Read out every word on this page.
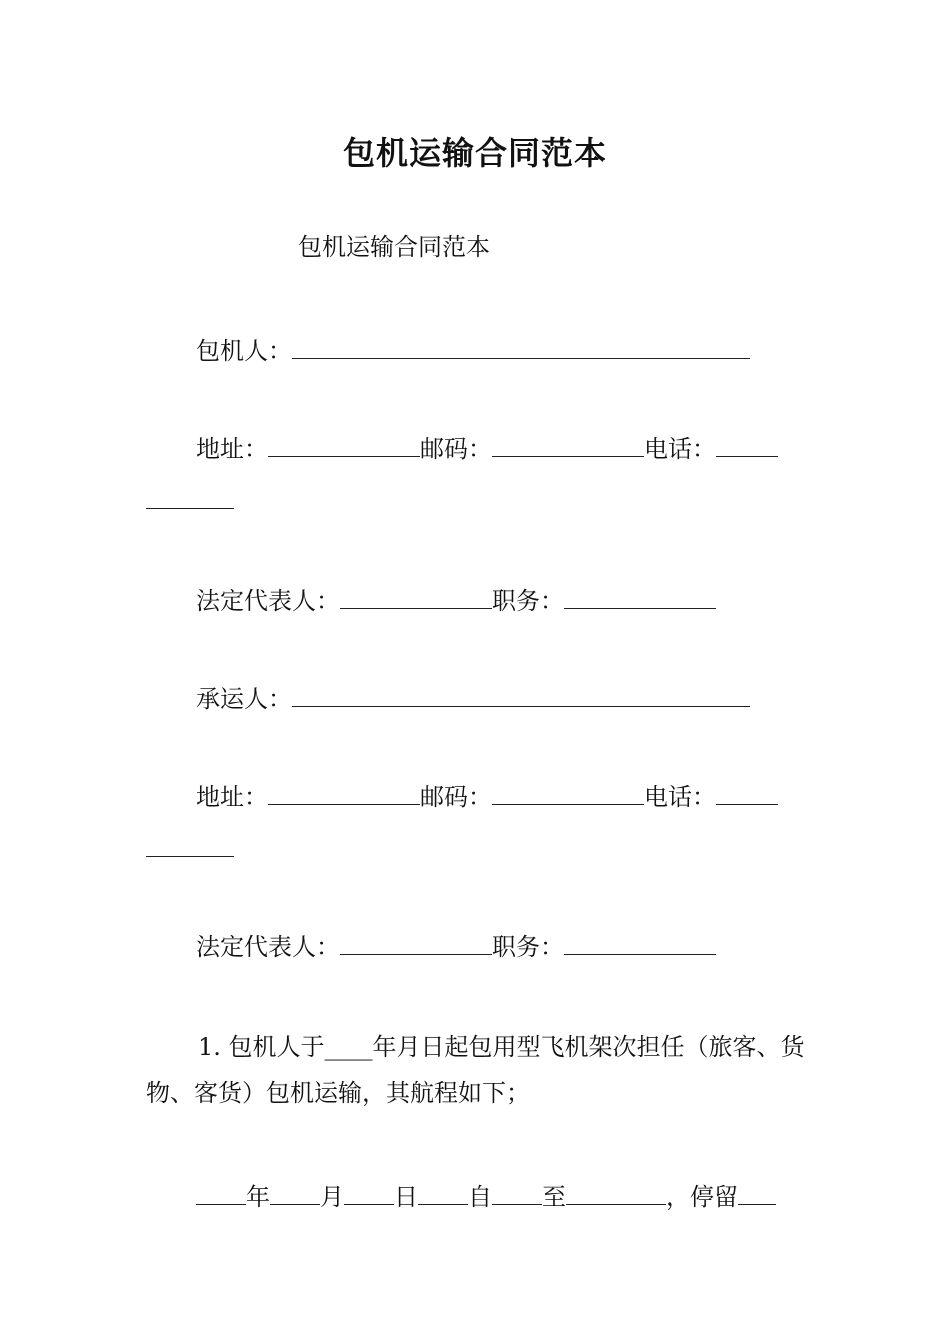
包机运输合同范本
包机运输合同范本
包机人：
地址：	邮码：	电话：
法定代表人：	职务：
承运人：
地址：	邮码：	电话：
法定代表人：	职务：
1. 包机人于____年月日起包用型飞机架次担任（旅客、货物、客货）包机运输，其航程如下；
年 月 日 自 至	，停留
